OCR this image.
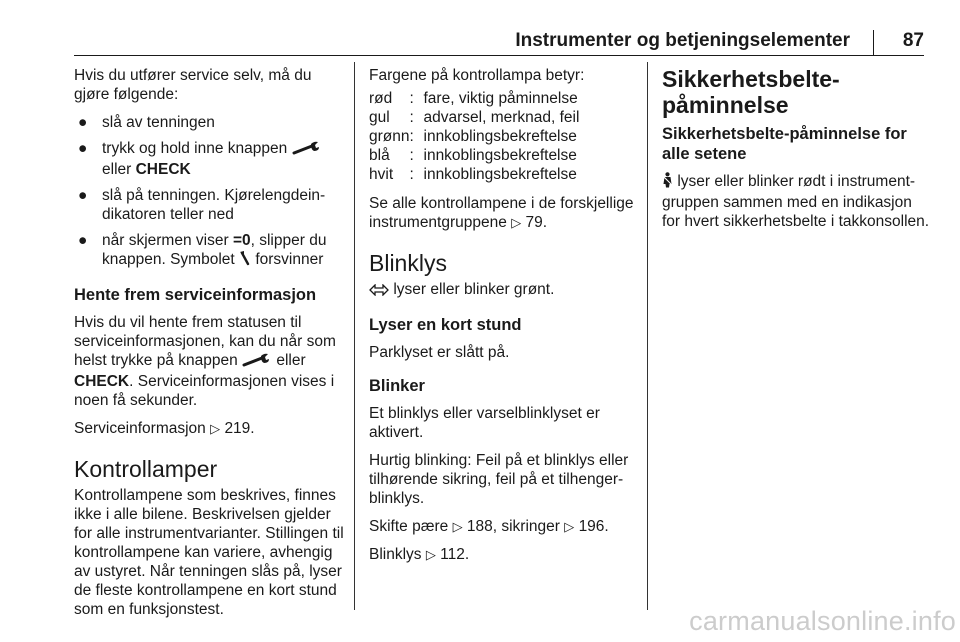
Instrumenter og betjeningselementer	87

Hvis du utfører service selv, må du gjøre følgende:

● slå av tenningen
● trykk og hold inne knappen
eller CHECK
● slå på tenningen. Kjørelengdeindikatoren teller ned
● når skjermen viser =0, slipper du knappen. Symbolet forsvinner
Hente frem serviceinformasjon

Hvis du vil hente frem statusen til serviceinformasjonen, kan du når som helst trykke på knappen eller CHECK. Serviceinformasjonen vises i noen få sekunder.

Serviceinformasjon ▷ 219.

Kontrollamper

Kontrollampene som beskrives, finnes ikke i alle bilene. Beskrivelsen gjelder for alle instrumentvarianter. Stillingen til kontrollampene kan variere, avhengig av ustyret. Når tenningen slås på, lyser de fleste kontrollampene en kort stund som en funksjonstest.

Fargene på kontrollampa betyr:

rød	:	fare, viktig påminnelse
gul	:	advarsel, merknad, feil
grønn	:	innkoblingsbekreftelse
blå	:	innkoblingsbekreftelse
hvit	:	innkoblingsbekreftelse

Se alle kontrollampene i de forskjellige instrumentgruppene ▷ 79.

Blinklys

lyser eller blinker grønt.

Lyser en kort stund

Parklyset er slått på.

Blinker

Et blinklys eller varselblinklyset er aktivert.

Hurtig blinking: Feil på et blinklys eller tilhørende sikring, feil på et tilhengerblinklys.

Skifte pære ▷ 188, sikringer ▷ 196.

Blinklys ▷ 112.

Sikkerhetsbeltepåminnelse
Sikkerhetsbelte-påminnelse for alle setene

lyser eller blinker rødt i instrumentgruppen sammen med en indikasjon for hvert sikkerhetsbelte i takkonsollen.

carmanualsonline.info
